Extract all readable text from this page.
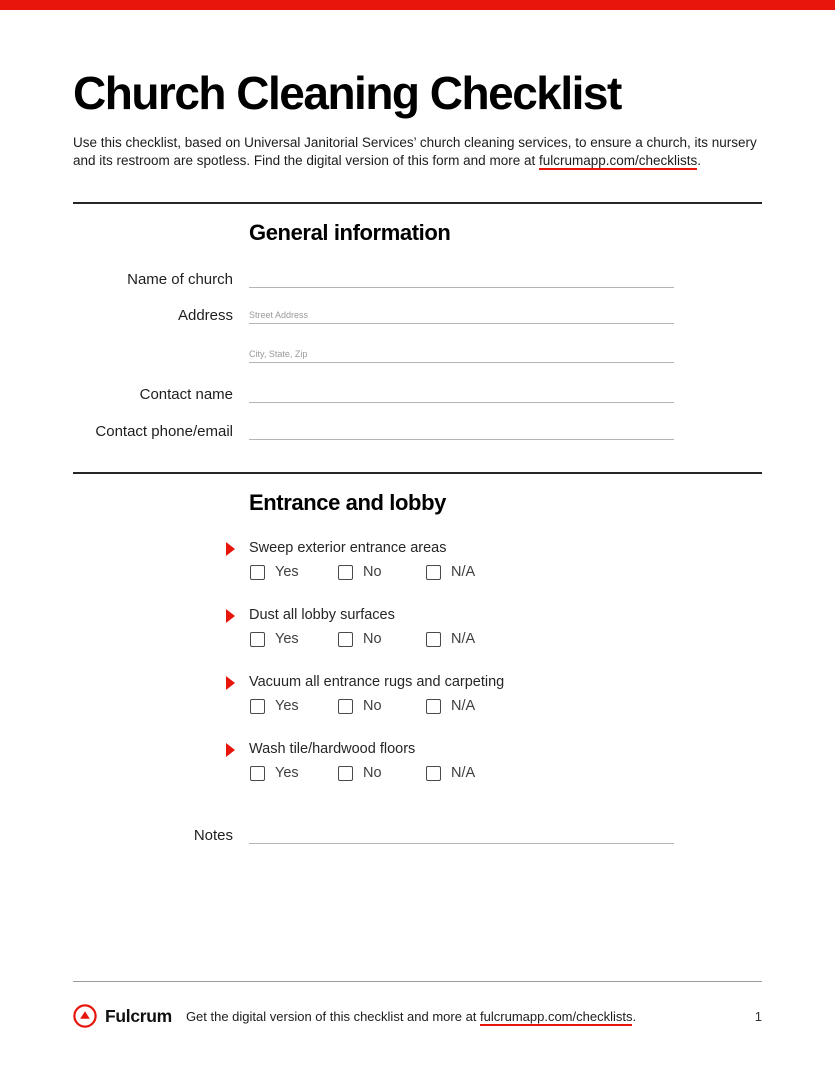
Church Cleaning Checklist

Use this checklist, based on Universal Janitorial Services’ church cleaning services, to ensure a church, its nursery and its restroom are spotless. Find the digital version of this form and more at fulcrumapp.com/checklists.

General information
Name of church
Address Street Address
City, State, Zip
Contact name
Contact phone/email
Entrance and lobby
Sweep exterior entrance areas
Yes	No	N/A
Dust all lobby surfaces
Yes	No	N/A
Vacuum all entrance rugs and carpeting
Yes	No	N/A
Wash tile/hardwood floors
Yes	No	N/A
Notes
Fulcrum Get the digital version of this checklist and more at fulcrumapp.com/checklists.	1
